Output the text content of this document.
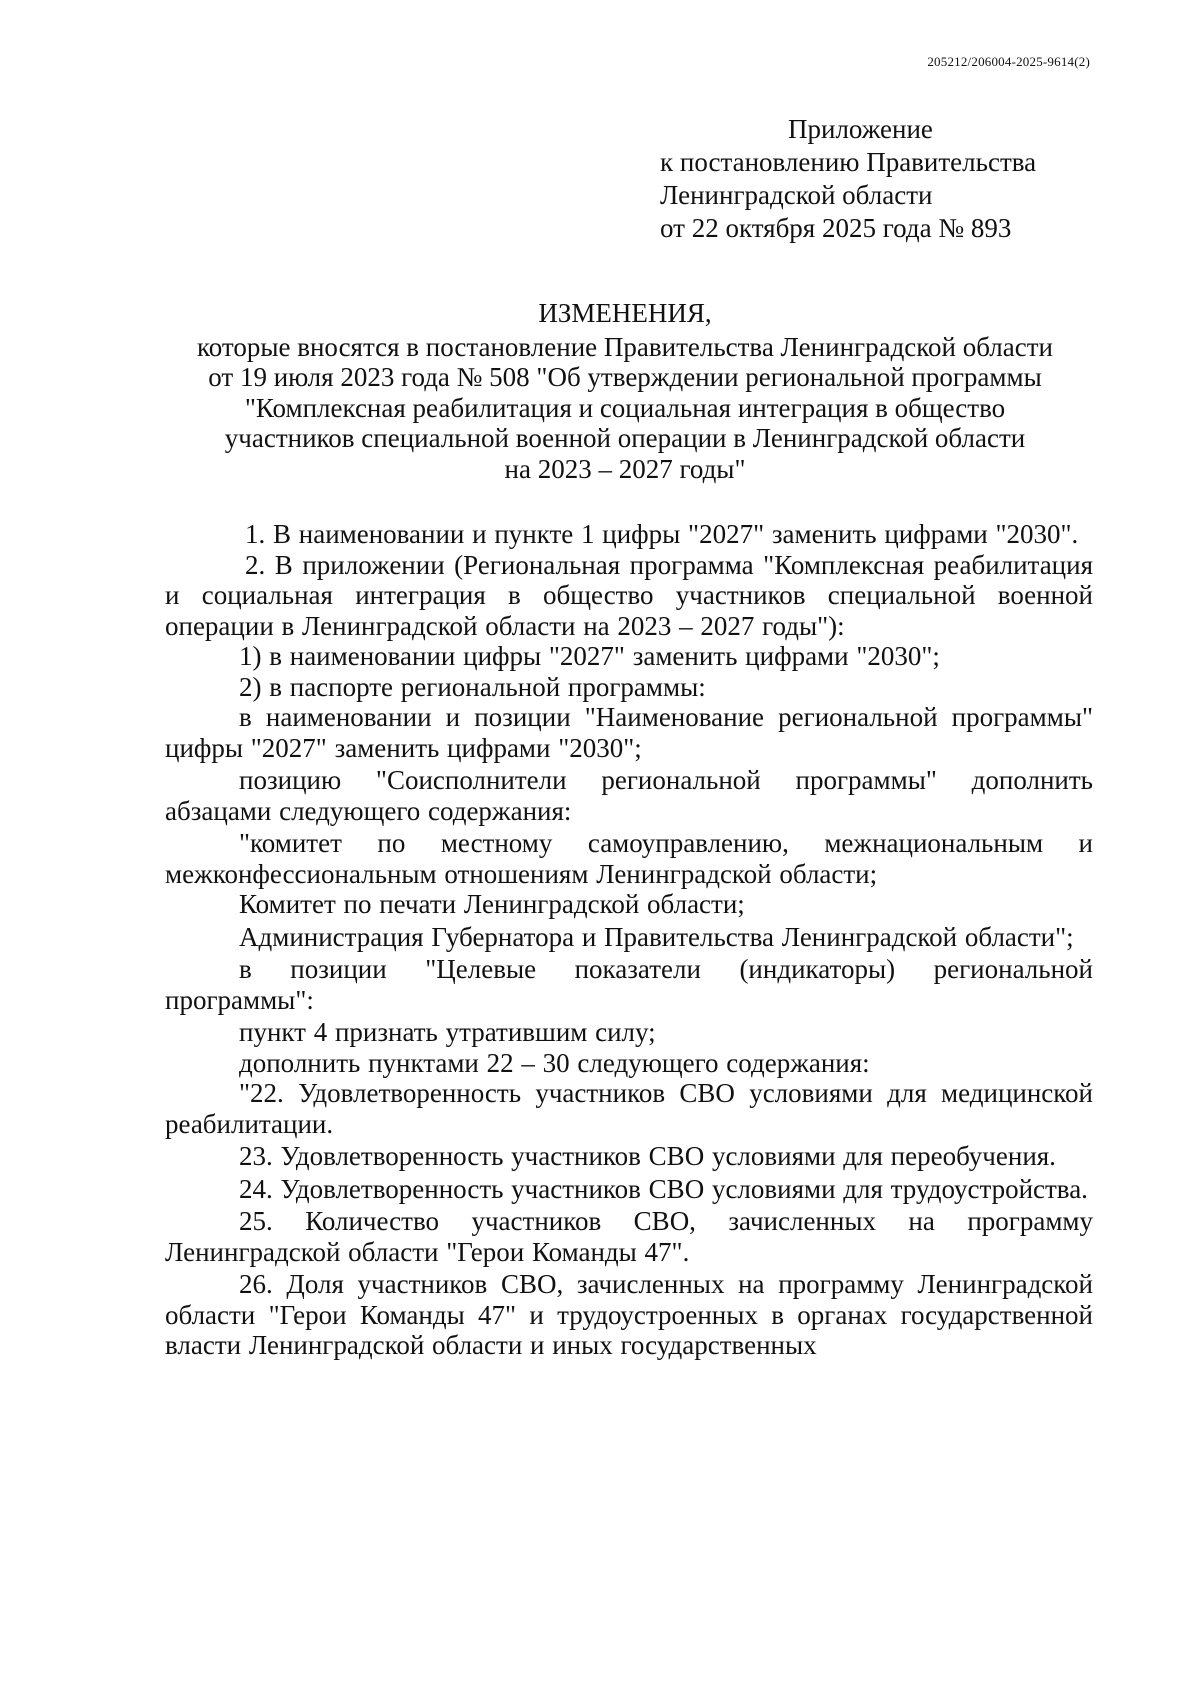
205212/206004-2025-9614(2)
Приложение
к постановлению Правительства
Ленинградской области
от 22 октября 2025 года № 893
ИЗМЕНЕНИЯ,
которые вносятся в постановление Правительства Ленинградской области
от 19 июля 2023 года № 508 "Об утверждении региональной программы
"Комплексная реабилитация и социальная интеграция в общество
участников специальной военной операции в Ленинградской области
на 2023 – 2027 годы"

1. В наименовании и пункте 1 цифры "2027" заменить цифрами "2030".

2. В приложении (Региональная программа "Комплексная реабилитация и социальная интеграция в общество участников специальной военной операции в Ленинградской области на 2023 – 2027 годы"):

1) в наименовании цифры "2027" заменить цифрами "2030";

2) в паспорте региональной программы:

в наименовании и позиции "Наименование региональной программы" цифры "2027" заменить цифрами "2030";

позицию "Соисполнители региональной программы" дополнить абзацами следующего содержания:

"комитет по местному самоуправлению, межнациональным и межконфессиональным отношениям Ленинградской области;

Комитет по печати Ленинградской области;

Администрация Губернатора и Правительства Ленинградской области";

в позиции "Целевые показатели (индикаторы) региональной программы":

пункт 4 признать утратившим силу;

дополнить пунктами 22 – 30 следующего содержания:

"22. Удовлетворенность участников СВО условиями для медицинской реабилитации.

23. Удовлетворенность участников СВО условиями для переобучения.

24. Удовлетворенность участников СВО условиями для трудоустройства.

25. Количество участников СВО, зачисленных на программу Ленинградской области "Герои Команды 47".

26. Доля участников СВО, зачисленных на программу Ленинградской области "Герои Команды 47" и трудоустроенных в органах государственной власти Ленинградской области и иных государственных
